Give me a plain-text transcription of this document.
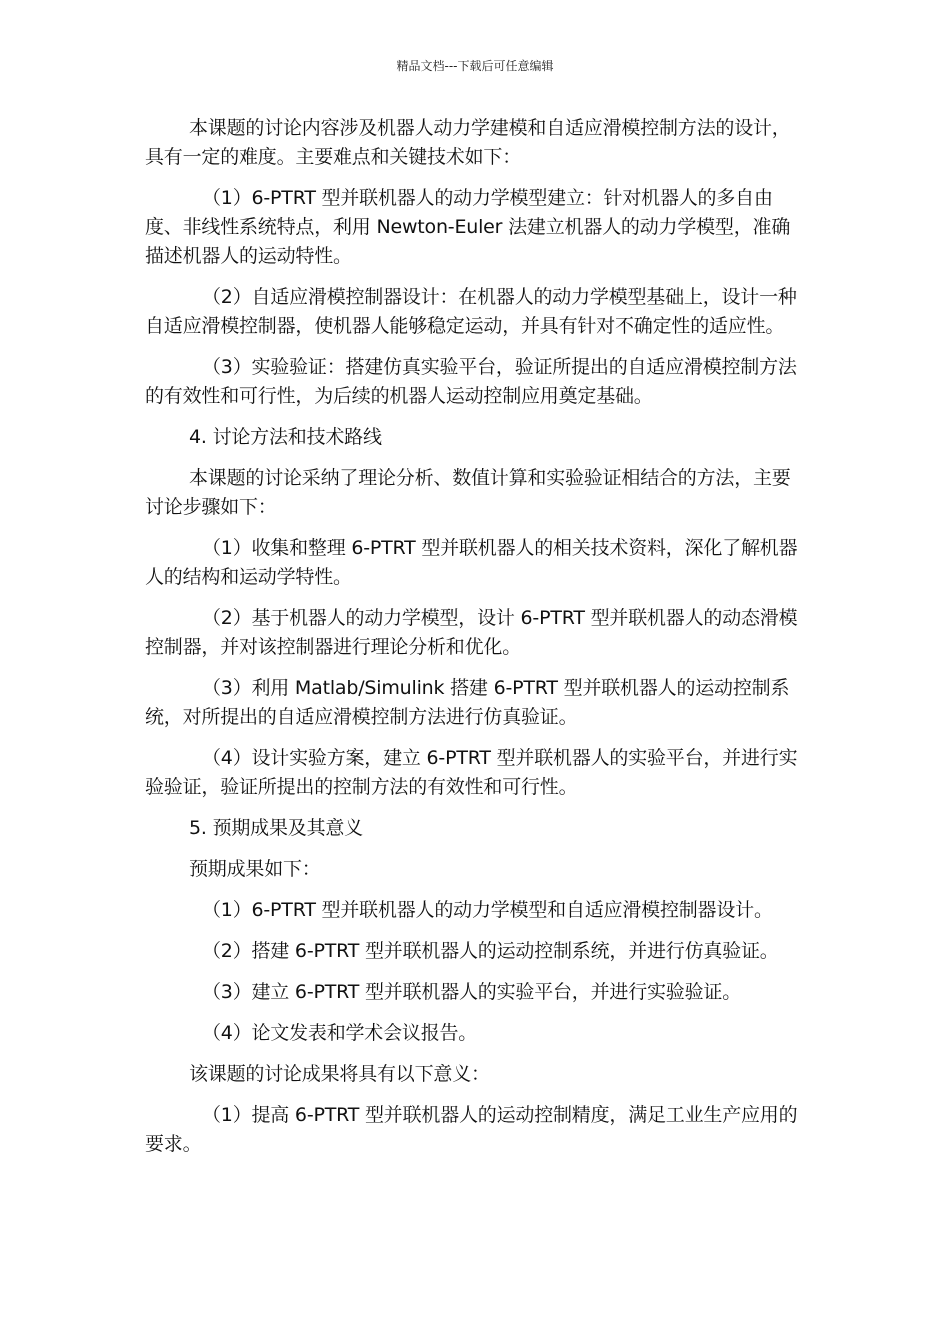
精品文档---下载后可任意编辑

本课题的讨论内容涉及机器人动力学建模和自适应滑模控制方法的设计，具有一定的难度。主要难点和关键技术如下：

（1）6-PTRT 型并联机器人的动力学模型建立：针对机器人的多自由度、非线性系统特点，利用 Newton-Euler 法建立机器人的动力学模型，准确描述机器人的运动特性。

（2）自适应滑模控制器设计：在机器人的动力学模型基础上，设计一种自适应滑模控制器，使机器人能够稳定运动，并具有针对不确定性的适应性。

（3）实验验证：搭建仿真实验平台，验证所提出的自适应滑模控制方法的有效性和可行性，为后续的机器人运动控制应用奠定基础。

4. 讨论方法和技术路线

本课题的讨论采纳了理论分析、数值计算和实验验证相结合的方法，主要讨论步骤如下：

（1）收集和整理 6-PTRT 型并联机器人的相关技术资料，深化了解机器人的结构和运动学特性。

（2）基于机器人的动力学模型，设计 6-PTRT 型并联机器人的动态滑模控制器，并对该控制器进行理论分析和优化。

（3）利用 Matlab/Simulink 搭建 6-PTRT 型并联机器人的运动控制系统，对所提出的自适应滑模控制方法进行仿真验证。

（4）设计实验方案，建立 6-PTRT 型并联机器人的实验平台，并进行实验验证，验证所提出的控制方法的有效性和可行性。

5. 预期成果及其意义

预期成果如下：

（1）6-PTRT 型并联机器人的动力学模型和自适应滑模控制器设计。

（2）搭建 6-PTRT 型并联机器人的运动控制系统，并进行仿真验证。

（3）建立 6-PTRT 型并联机器人的实验平台，并进行实验验证。

（4）论文发表和学术会议报告。

该课题的讨论成果将具有以下意义：

（1）提高 6-PTRT 型并联机器人的运动控制精度，满足工业生产应用的要求。
